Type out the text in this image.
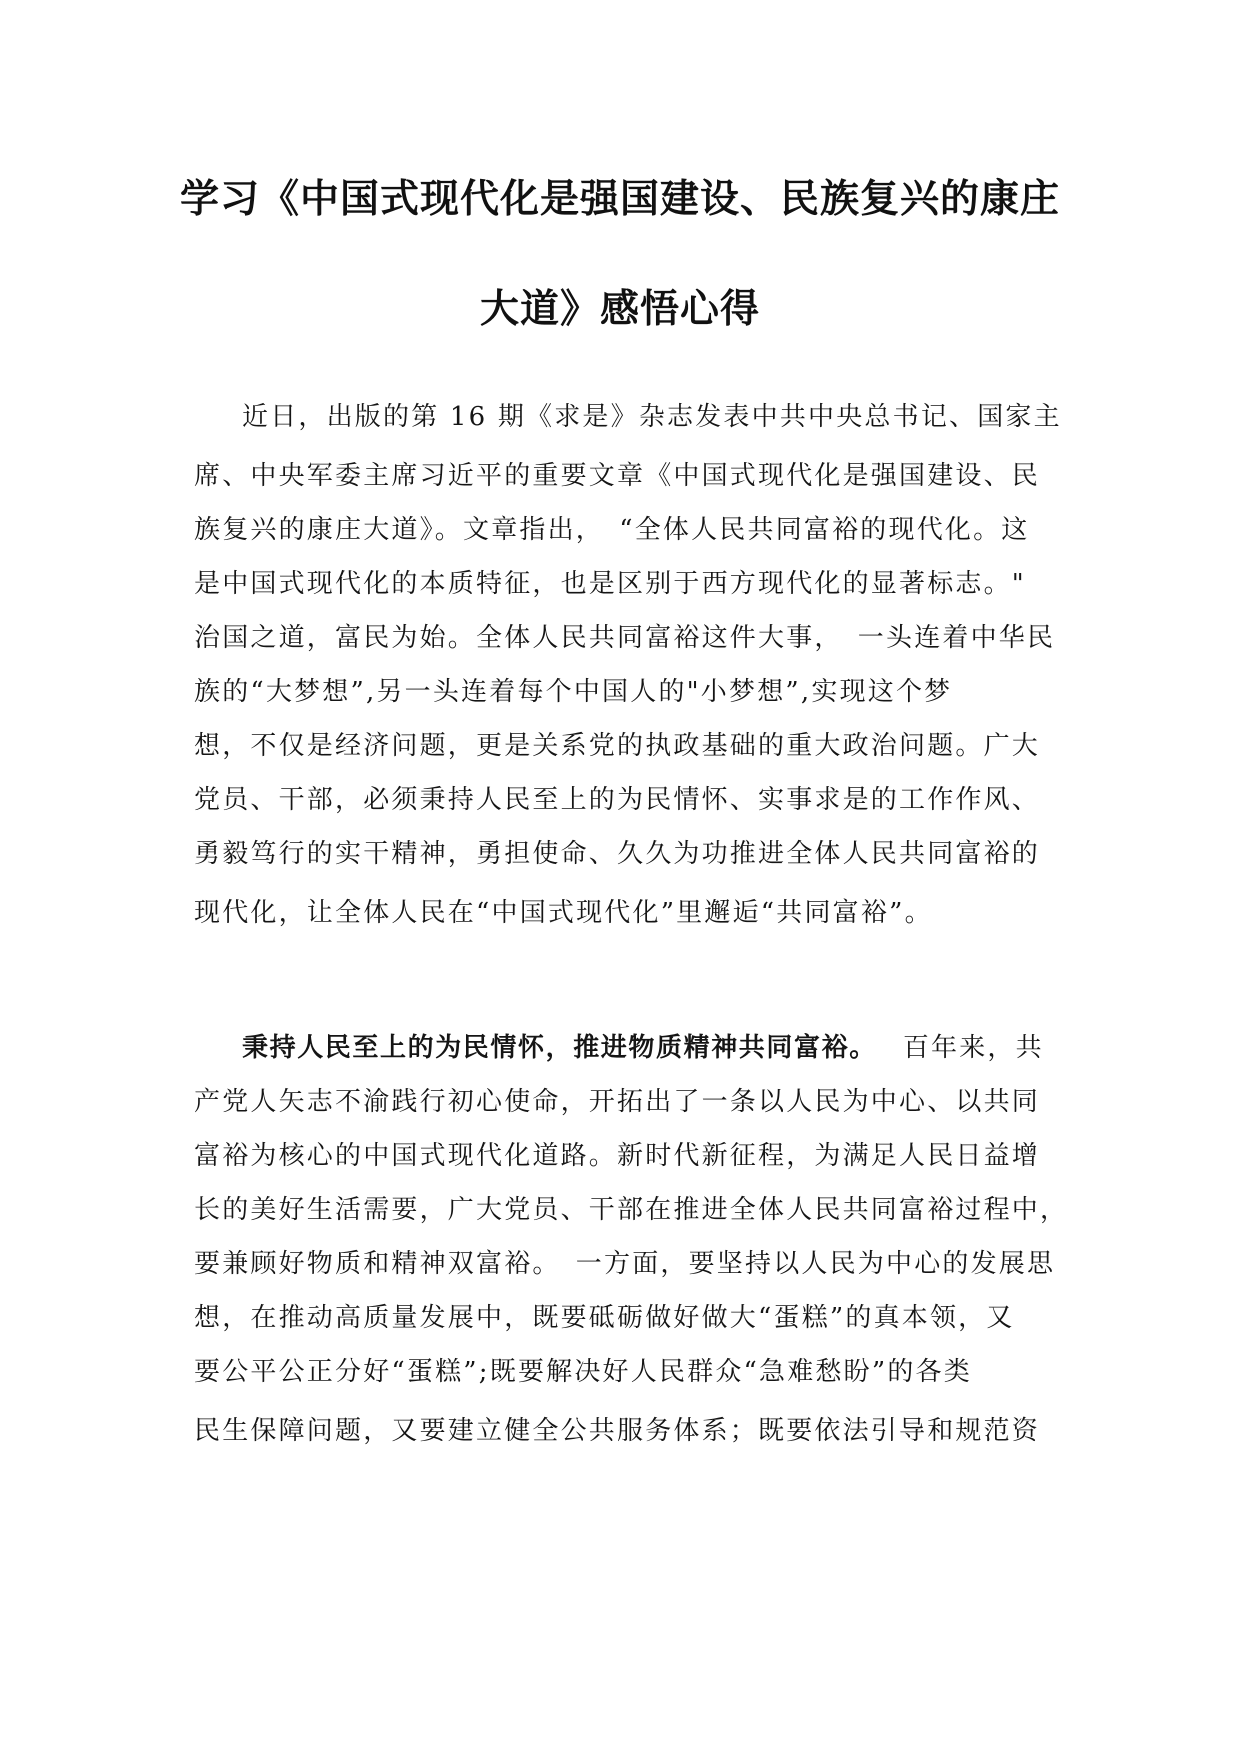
学习《中国式现代化是强国建设、民族复兴的康庄
大道》感悟心得

近日，出版的第 16 期《求是》杂志发表中共中央总书记、国家主

席、中央军委主席习近平的重要文章《中国式现代化是强国建设、民

族复兴的康庄大道》。文章指出，　“全体人民共同富裕的现代化。这

是中国式现代化的本质特征，也是区别于西方现代化的显著标志。"

治国之道，富民为始。全体人民共同富裕这件大事，　一头连着中华民

族的“大梦想”,另一头连着每个中国人的"小梦想”,实现这个梦

想，不仅是经济问题，更是关系党的执政基础的重大政治问题。广大

党员、干部，必须秉持人民至上的为民情怀、实事求是的工作作风、

勇毅笃行的实干精神，勇担使命、久久为功推进全体人民共同富裕的

现代化，让全体人民在“中国式现代化”里邂逅“共同富裕”。

秉持人民至上的为民情怀，推进物质精神共同富裕。 百年来，共

产党人矢志不渝践行初心使命，开拓出了一条以人民为中心、以共同

富裕为核心的中国式现代化道路。新时代新征程，为满足人民日益增

长的美好生活需要，广大党员、干部在推进全体人民共同富裕过程中，

要兼顾好物质和精神双富裕。　一方面，要坚持以人民为中心的发展思

想，在推动高质量发展中，既要砥砺做好做大“蛋糕”的真本领，又

要公平公正分好“蛋糕”;既要解决好人民群众“急难愁盼”的各类

民生保障问题，又要建立健全公共服务体系；既要依法引导和规范资
